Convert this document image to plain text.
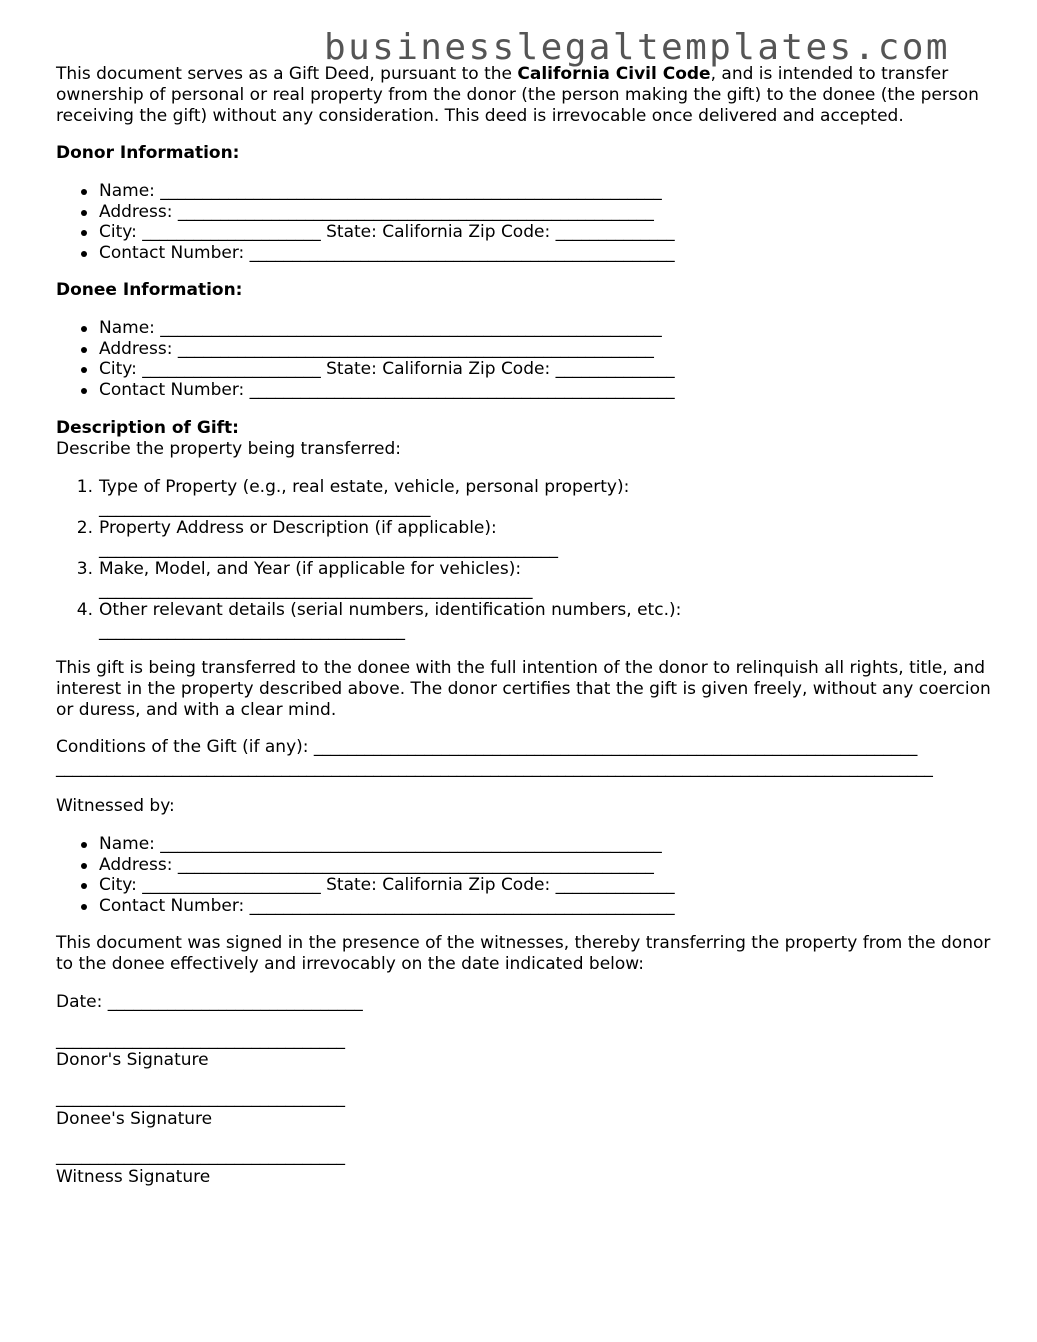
businesslegaltemplates.com

This document serves as a Gift Deed, pursuant to the California Civil Code, and is intended to transfer ownership of personal or real property from the donor (the person making the gift) to the donee (the person receiving the gift) without any consideration. This deed is irrevocable once delivered and accepted.

Donor Information:
Name: ___________________________________________________________
Address: ________________________________________________________
City: _____________________ State: California Zip Code: ______________
Contact Number: __________________________________________________
Donee Information:
Name: ___________________________________________________________
Address: ________________________________________________________
City: _____________________ State: California Zip Code: ______________
Contact Number: __________________________________________________
Description of Gift:
Describe the property being transferred:
1. Type of Property (e.g., real estate, vehicle, personal property):
_______________________________________
2. Property Address or Description (if applicable):
______________________________________________________
3. Make, Model, and Year (if applicable for vehicles):
___________________________________________________
4. Other relevant details (serial numbers, identification numbers, etc.):
____________________________________

This gift is being transferred to the donee with the full intention of the donor to relinquish all rights, title, and interest in the property described above. The donor certifies that the gift is given freely, without any coercion or duress, and with a clear mind.

Conditions of the Gift (if any): _______________________________________________________________________
_________________________________________________________________________________________________________
Witnessed by:
Name: ___________________________________________________________
Address: ________________________________________________________
City: _____________________ State: California Zip Code: ______________
Contact Number: __________________________________________________

This document was signed in the presence of the witnesses, thereby transferring the property from the donor to the donee effectively and irrevocably on the date indicated below:

Date: ______________________________
__________________________________
Donor's Signature
__________________________________
Donee's Signature
__________________________________
Witness Signature
